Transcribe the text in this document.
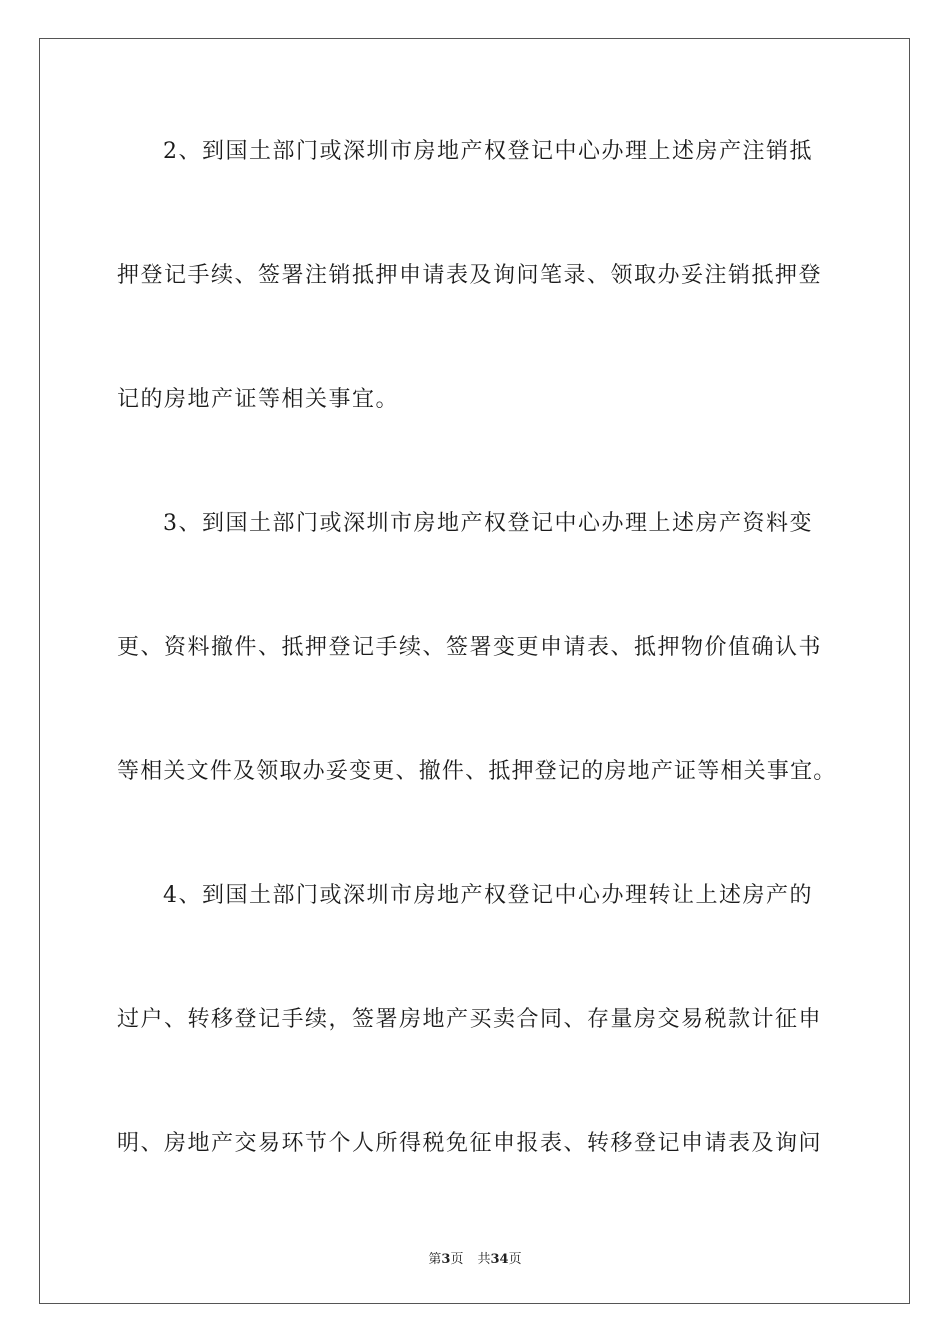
2、到国土部门或深圳市房地产权登记中心办理上述房产注销抵
押登记手续、签署注销抵押申请表及询问笔录、领取办妥注销抵押登
记的房地产证等相关事宜。
3、到国土部门或深圳市房地产权登记中心办理上述房产资料变
更、资料撤件、抵押登记手续、签署变更申请表、抵押物价值确认书
等相关文件及领取办妥变更、撤件、抵押登记的房地产证等相关事宜。
4、到国土部门或深圳市房地产权登记中心办理转让上述房产的
过户、转移登记手续，签署房地产买卖合同、存量房交易税款计征申
明、房地产交易环节个人所得税免征申报表、转移登记申请表及询问
第3页 共34页
